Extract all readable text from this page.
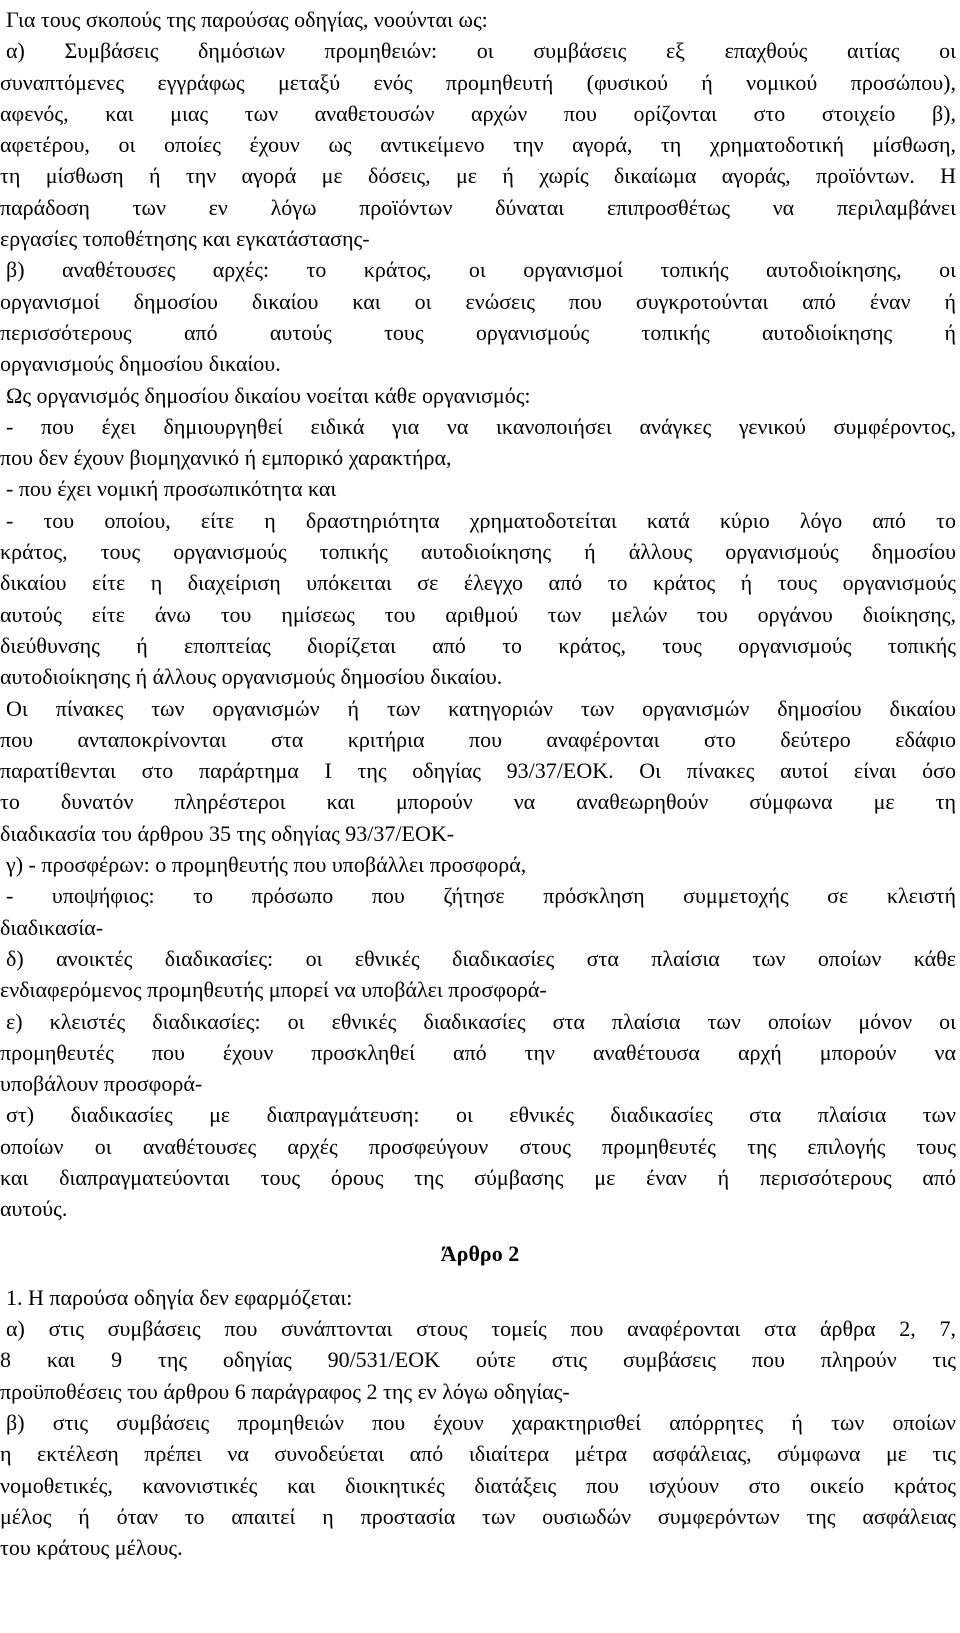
Για τους σκοπούς της παρούσας οδηγίας, νοούνται ως:
α) Συμβάσεις δημόσιων προμηθειών: οι συμβάσεις εξ επαχθούς αιτίας οι
συναπτόμενες εγγράφως μεταξύ ενός προμηθευτή (φυσικού ή νομικού προσώπου),
αφενός, και μιας των αναθετουσών αρχών που ορίζονται στο στοιχείο β),
αφετέρου, οι οποίες έχουν ως αντικείμενο την αγορά, τη χρηματοδοτική μίσθωση,
τη μίσθωση ή την αγορά με δόσεις, με ή χωρίς δικαίωμα αγοράς, προϊόντων. Η
παράδοση των εν λόγω προϊόντων δύναται επιπροσθέτως να περιλαμβάνει
εργασίες τοποθέτησης και εγκατάστασης-
β) αναθέτουσες αρχές: το κράτος, οι οργανισμοί τοπικής αυτοδιοίκησης, οι
οργανισμοί δημοσίου δικαίου και οι ενώσεις που συγκροτούνται από έναν ή
περισσότερους από αυτούς τους οργανισμούς τοπικής αυτοδιοίκησης ή
οργανισμούς δημοσίου δικαίου.
Ως οργανισμός δημοσίου δικαίου νοείται κάθε οργανισμός:
- που έχει δημιουργηθεί ειδικά για να ικανοποιήσει ανάγκες γενικού συμφέροντος,
που δεν έχουν βιομηχανικό ή εμπορικό χαρακτήρα,
- που έχει νομική προσωπικότητα και
- του οποίου, είτε η δραστηριότητα χρηματοδοτείται κατά κύριο λόγο από το
κράτος, τους οργανισμούς τοπικής αυτοδιοίκησης ή άλλους οργανισμούς δημοσίου
δικαίου είτε η διαχείριση υπόκειται σε έλεγχο από το κράτος ή τους οργανισμούς
αυτούς είτε άνω του ημίσεως του αριθμού των μελών του οργάνου διοίκησης,
διεύθυνσης ή εποπτείας διορίζεται από το κράτος, τους οργανισμούς τοπικής
αυτοδιοίκησης ή άλλους οργανισμούς δημοσίου δικαίου.
Οι πίνακες των οργανισμών ή των κατηγοριών των οργανισμών δημοσίου δικαίου
που ανταποκρίνονται στα κριτήρια που αναφέρονται στο δεύτερο εδάφιο
παρατίθενται στο παράρτημα Ι της οδηγίας 93/37/ΕΟΚ. Οι πίνακες αυτοί είναι όσο
το δυνατόν πληρέστεροι και μπορούν να αναθεωρηθούν σύμφωνα με τη
διαδικασία του άρθρου 35 της οδηγίας 93/37/ΕΟΚ-
γ) - προσφέρων: ο προμηθευτής που υποβάλλει προσφορά,
- υποψήφιος: το πρόσωπο που ζήτησε πρόσκληση συμμετοχής σε κλειστή
διαδικασία-
δ) ανοικτές διαδικασίες: οι εθνικές διαδικασίες στα πλαίσια των οποίων κάθε
ενδιαφερόμενος προμηθευτής μπορεί να υποβάλει προσφορά-
ε) κλειστές διαδικασίες: οι εθνικές διαδικασίες στα πλαίσια των οποίων μόνον οι
προμηθευτές που έχουν προσκληθεί από την αναθέτουσα αρχή μπορούν να
υποβάλουν προσφορά-
στ) διαδικασίες με διαπραγμάτευση: οι εθνικές διαδικασίες στα πλαίσια των
οποίων οι αναθέτουσες αρχές προσφεύγουν στους προμηθευτές της επιλογής τους
και διαπραγματεύονται τους όρους της σύμβασης με έναν ή περισσότερους από
αυτούς.
Άρθρο 2
1. Η παρούσα οδηγία δεν εφαρμόζεται:
α) στις συμβάσεις που συνάπτονται στους τομείς που αναφέρονται στα άρθρα 2, 7,
8 και 9 της οδηγίας 90/531/ΕΟΚ ούτε στις συμβάσεις που πληρούν τις
προϋποθέσεις του άρθρου 6 παράγραφος 2 της εν λόγω οδηγίας-
β) στις συμβάσεις προμηθειών που έχουν χαρακτηρισθεί απόρρητες ή των οποίων
η εκτέλεση πρέπει να συνοδεύεται από ιδιαίτερα μέτρα ασφάλειας, σύμφωνα με τις
νομοθετικές, κανονιστικές και διοικητικές διατάξεις που ισχύουν στο οικείο κράτος
μέλος ή όταν το απαιτεί η προστασία των ουσιωδών συμφερόντων της ασφάλειας
του κράτους μέλους.
